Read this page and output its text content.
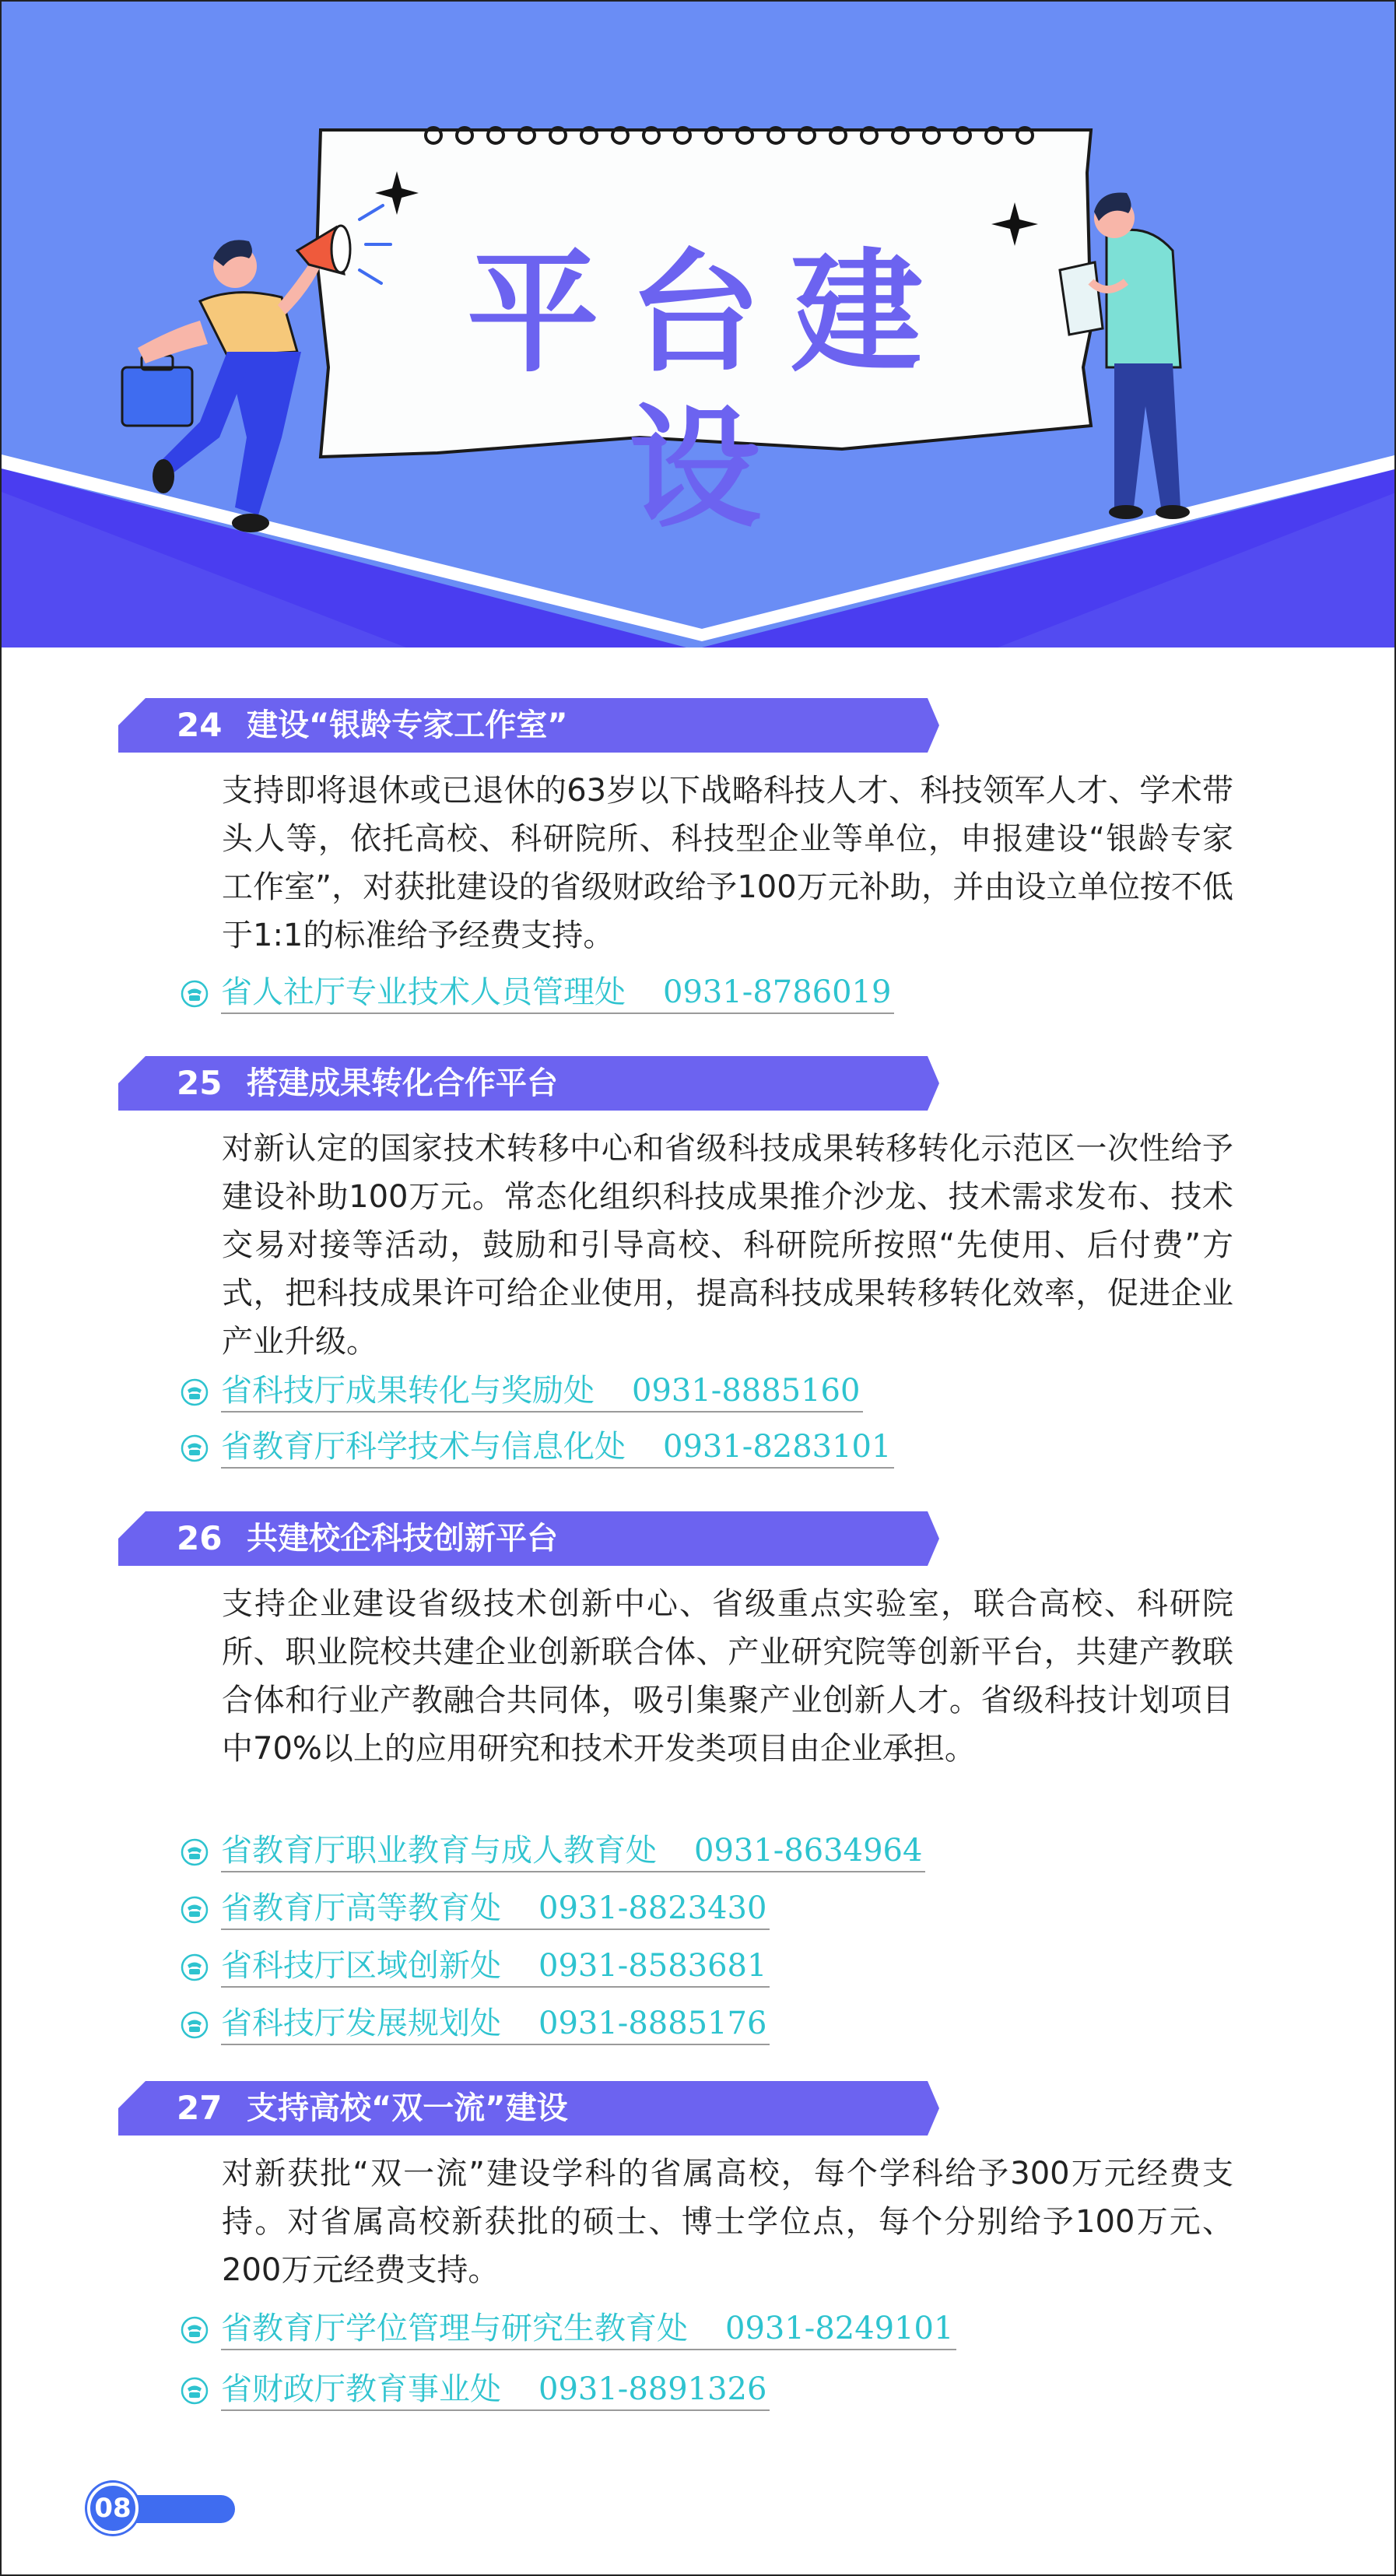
平台建设
24 建设“银龄专家工作室”
支持即将退休或已退休的63岁以下战略科技人才、科技领军人才、学术带头人等，依托高校、科研院所、科技型企业等单位，申报建设“银龄专家工作室”，对获批建设的省级财政给予100万元补助，并由设立单位按不低于1:1的标准给予经费支持。
省人社厅专业技术人员管理处 0931-8786019
25 搭建成果转化合作平台
对新认定的国家技术转移中心和省级科技成果转移转化示范区一次性给予建设补助100万元。常态化组织科技成果推介沙龙、技术需求发布、技术交易对接等活动，鼓励和引导高校、科研院所按照“先使用、后付费”方式，把科技成果许可给企业使用，提高科技成果转移转化效率，促进企业产业升级。
省科技厅成果转化与奖励处 0931-8885160
省教育厅科学技术与信息化处 0931-8283101
26 共建校企科技创新平台
支持企业建设省级技术创新中心、省级重点实验室，联合高校、科研院所、职业院校共建企业创新联合体、产业研究院等创新平台，共建产教联合体和行业产教融合共同体，吸引集聚产业创新人才。省级科技计划项目中70%以上的应用研究和技术开发类项目由企业承担。
省教育厅职业教育与成人教育处 0931-8634964
省教育厅高等教育处 0931-8823430
省科技厅区域创新处 0931-8583681
省科技厅发展规划处 0931-8885176
27 支持高校“双一流”建设
对新获批“双一流”建设学科的省属高校，每个学科给予300万元经费支持。对省属高校新获批的硕士、博士学位点，每个分别给予100万元、200万元经费支持。
省教育厅学位管理与研究生教育处 0931-8249101
省财政厅教育事业处 0931-8891326
08
